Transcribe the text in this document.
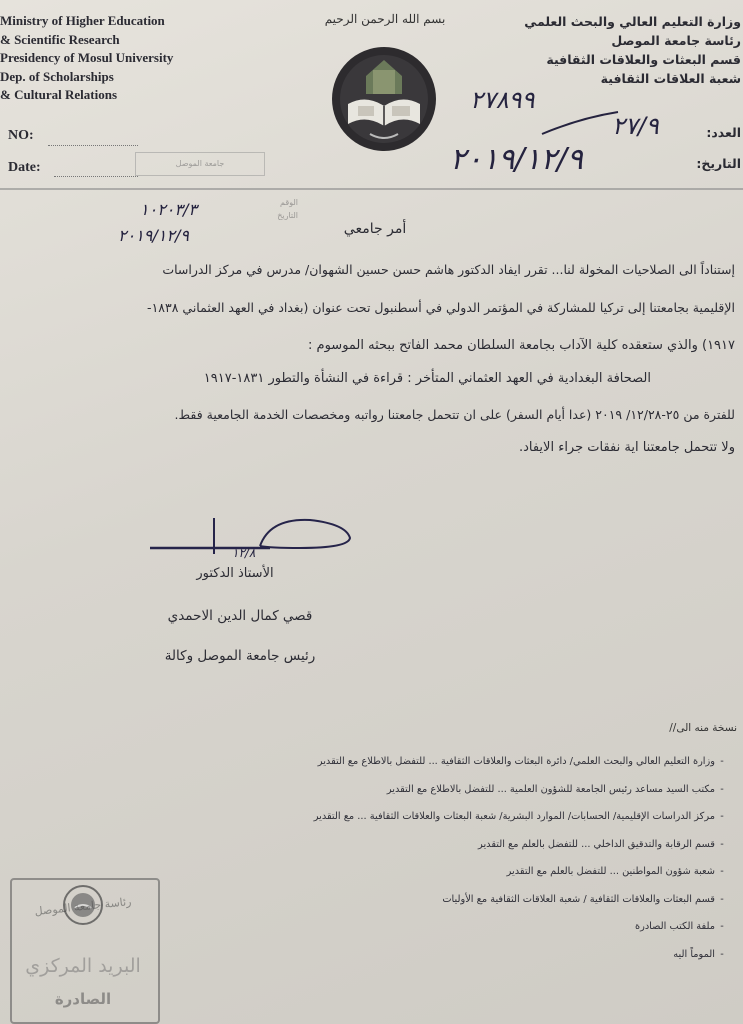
Ministry of Higher Education
& Scientific Research
Presidency of Mosul University
Dep. of Scholarships
& Cultural Relations
بسم الله الرحمن الرحيم	وزارة التعليم العالي والبحث العلمي
رئاسة جامعة الموصل
قسم البعثات والعلاقات الثقافية
شعبة العلاقات الثقافية
NO:
Date:
العدد:
التاريخ:
جامعة الموصل
٢٧٨٩٩
٢٧/٩
٢٠١٩/١٢/٩
الوقم
التاريخ
١٠٢٠٣/٣
٢٠١٩/١٢/٩	أمر جامعي
إستناداً الى الصلاحيات المخولة لنا... تقرر ايفاد الدكتور هاشم حسن حسين الشهوان/ مدرس في مركز الدراسات
الإقليمية بجامعتنا إلى تركيا للمشاركة في المؤتمر الدولي في أسطنبول تحت عنوان (بغداد في العهد العثماني ١٨٣٨-
١٩١٧) والذي ستعقده كلية الآداب بجامعة السلطان محمد الفاتح ببحثه الموسوم :
الصحافة البغدادية في العهد العثماني المتأخر : قراءة في النشأة والتطور ١٨٣١-١٩١٧
للفترة من ٢٥-١٢/٢٨/ ٢٠١٩ (عدا أيام السفر) على ان تتحمل جامعتنا رواتبه ومخصصات الخدمة الجامعية فقط.
ولا تتحمل جامعتنا اية نفقات جراء الايفاد.
١٢/٨
الأستاذ الدكتور
قصي كمال الدين الاحمدي
رئيس جامعة الموصل وكالة
نسخة منه الى//
-وزارة التعليم العالي والبحث العلمي/ دائرة البعثات والعلاقات الثقافية ... للتفضل بالاطلاع مع التقدير
-مكتب السيد مساعد رئيس الجامعة للشؤون العلمية ... للتفضل بالاطلاع مع التقدير
-مركز الدراسات الإقليمية/ الحسابات/ الموارد البشرية/ شعبة البعثات والعلاقات الثقافية ... مع التقدير
-قسم الرقابة والتدقيق الداخلي ... للتفضل بالعلم مع التقدير
-شعبة شؤون المواطنين ... للتفضل بالعلم مع التقدير
-قسم البعثات والعلاقات الثقافية / شعبة العلاقات الثقافية مع الأوليات
-ملفة الكتب الصادرة
-الموماً اليه
رئاسة جامعة الموصل
البريد المركزي
الصادرة
